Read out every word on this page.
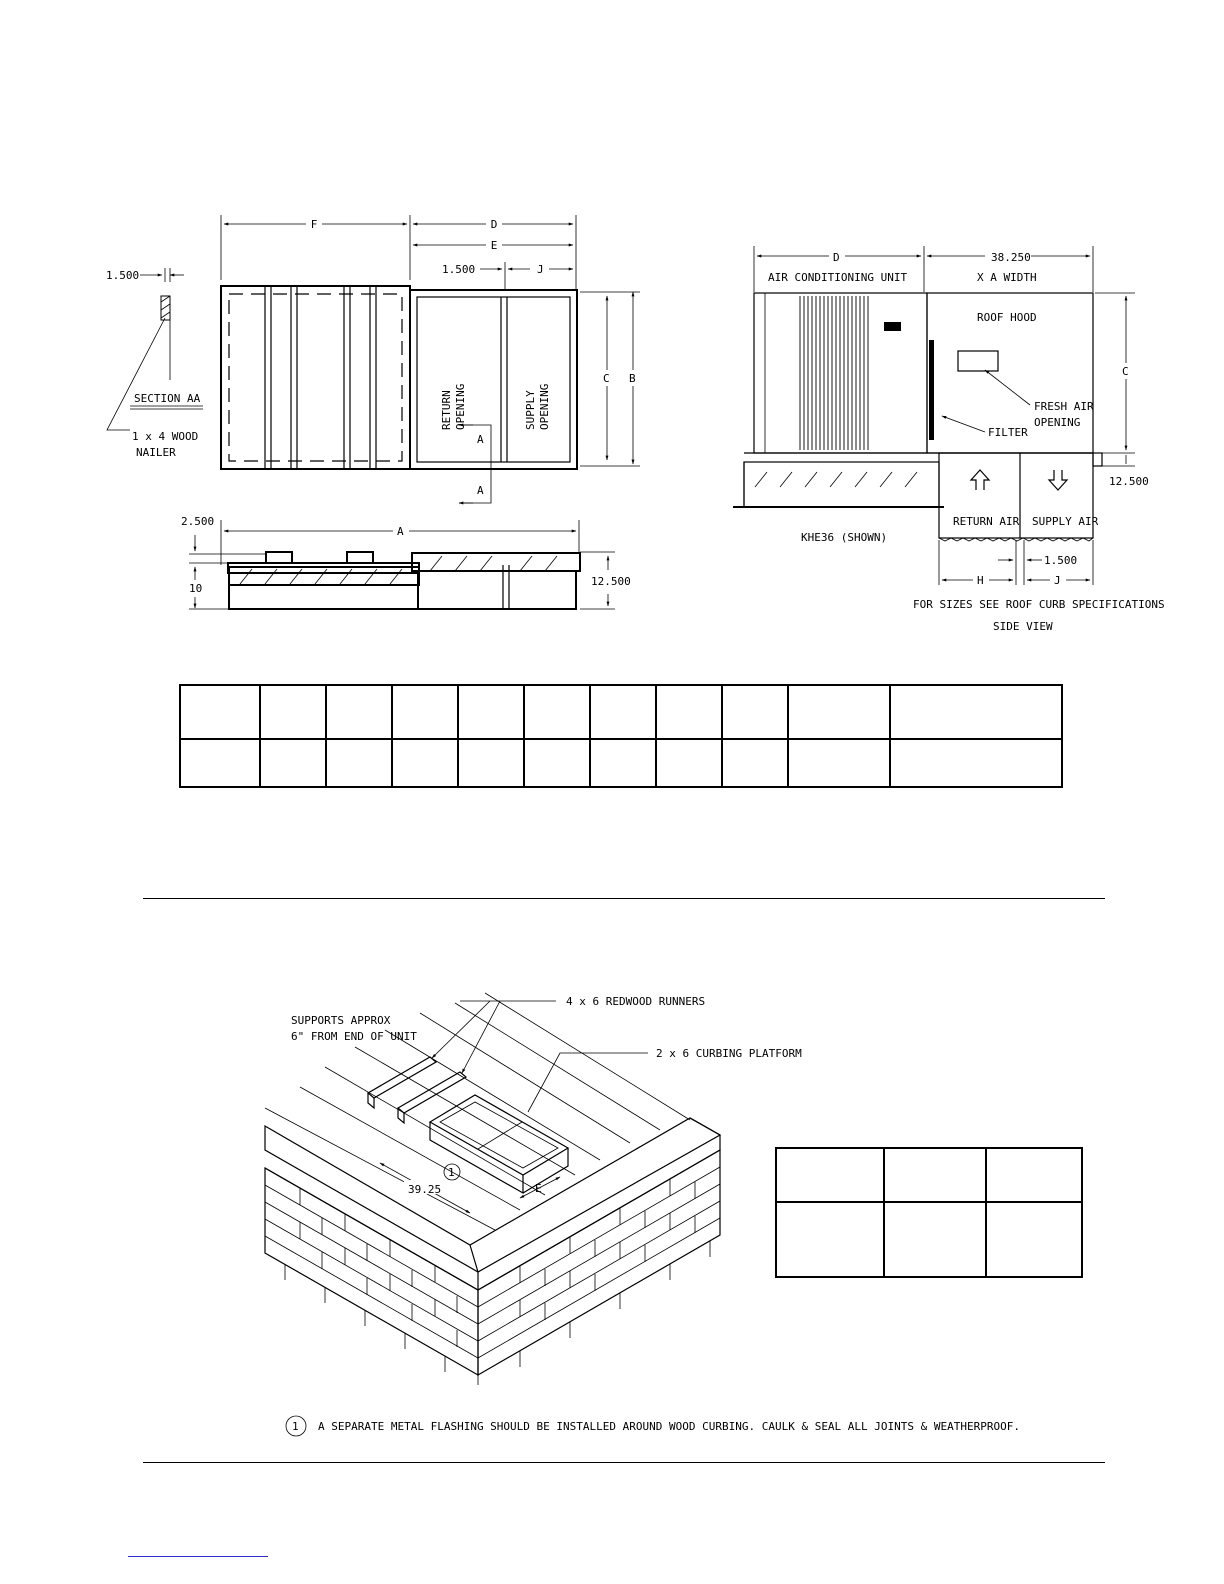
F	D
E
1.500	J
1.500
SECTION AA
1 x 4 WOOD
NAILER
RETURN OPENING	SUPPLY OPENING
A
A
C B
A
2.500
10
12.500
D	38.250
AIR CONDITIONING UNIT	X A WIDTH
ROOF HOOD
FRESH AIR
OPENING
FILTER
RETURN AIR SUPPLY AIR
C
12.500
KHE36 (SHOWN)
1.500
H	J
FOR SIZES SEE ROOF CURB SPECIFICATIONS
SIDE VIEW
4 x 6 REDWOOD RUNNERS
2 x 6 CURBING PLATFORM
SUPPORTS APPROX
6" FROM END OF UNIT
39.25	E
1
1 A SEPARATE METAL FLASHING SHOULD BE INSTALLED AROUND WOOD CURBING. CAULK & SEAL ALL JOINTS & WEATHERPROOF.
